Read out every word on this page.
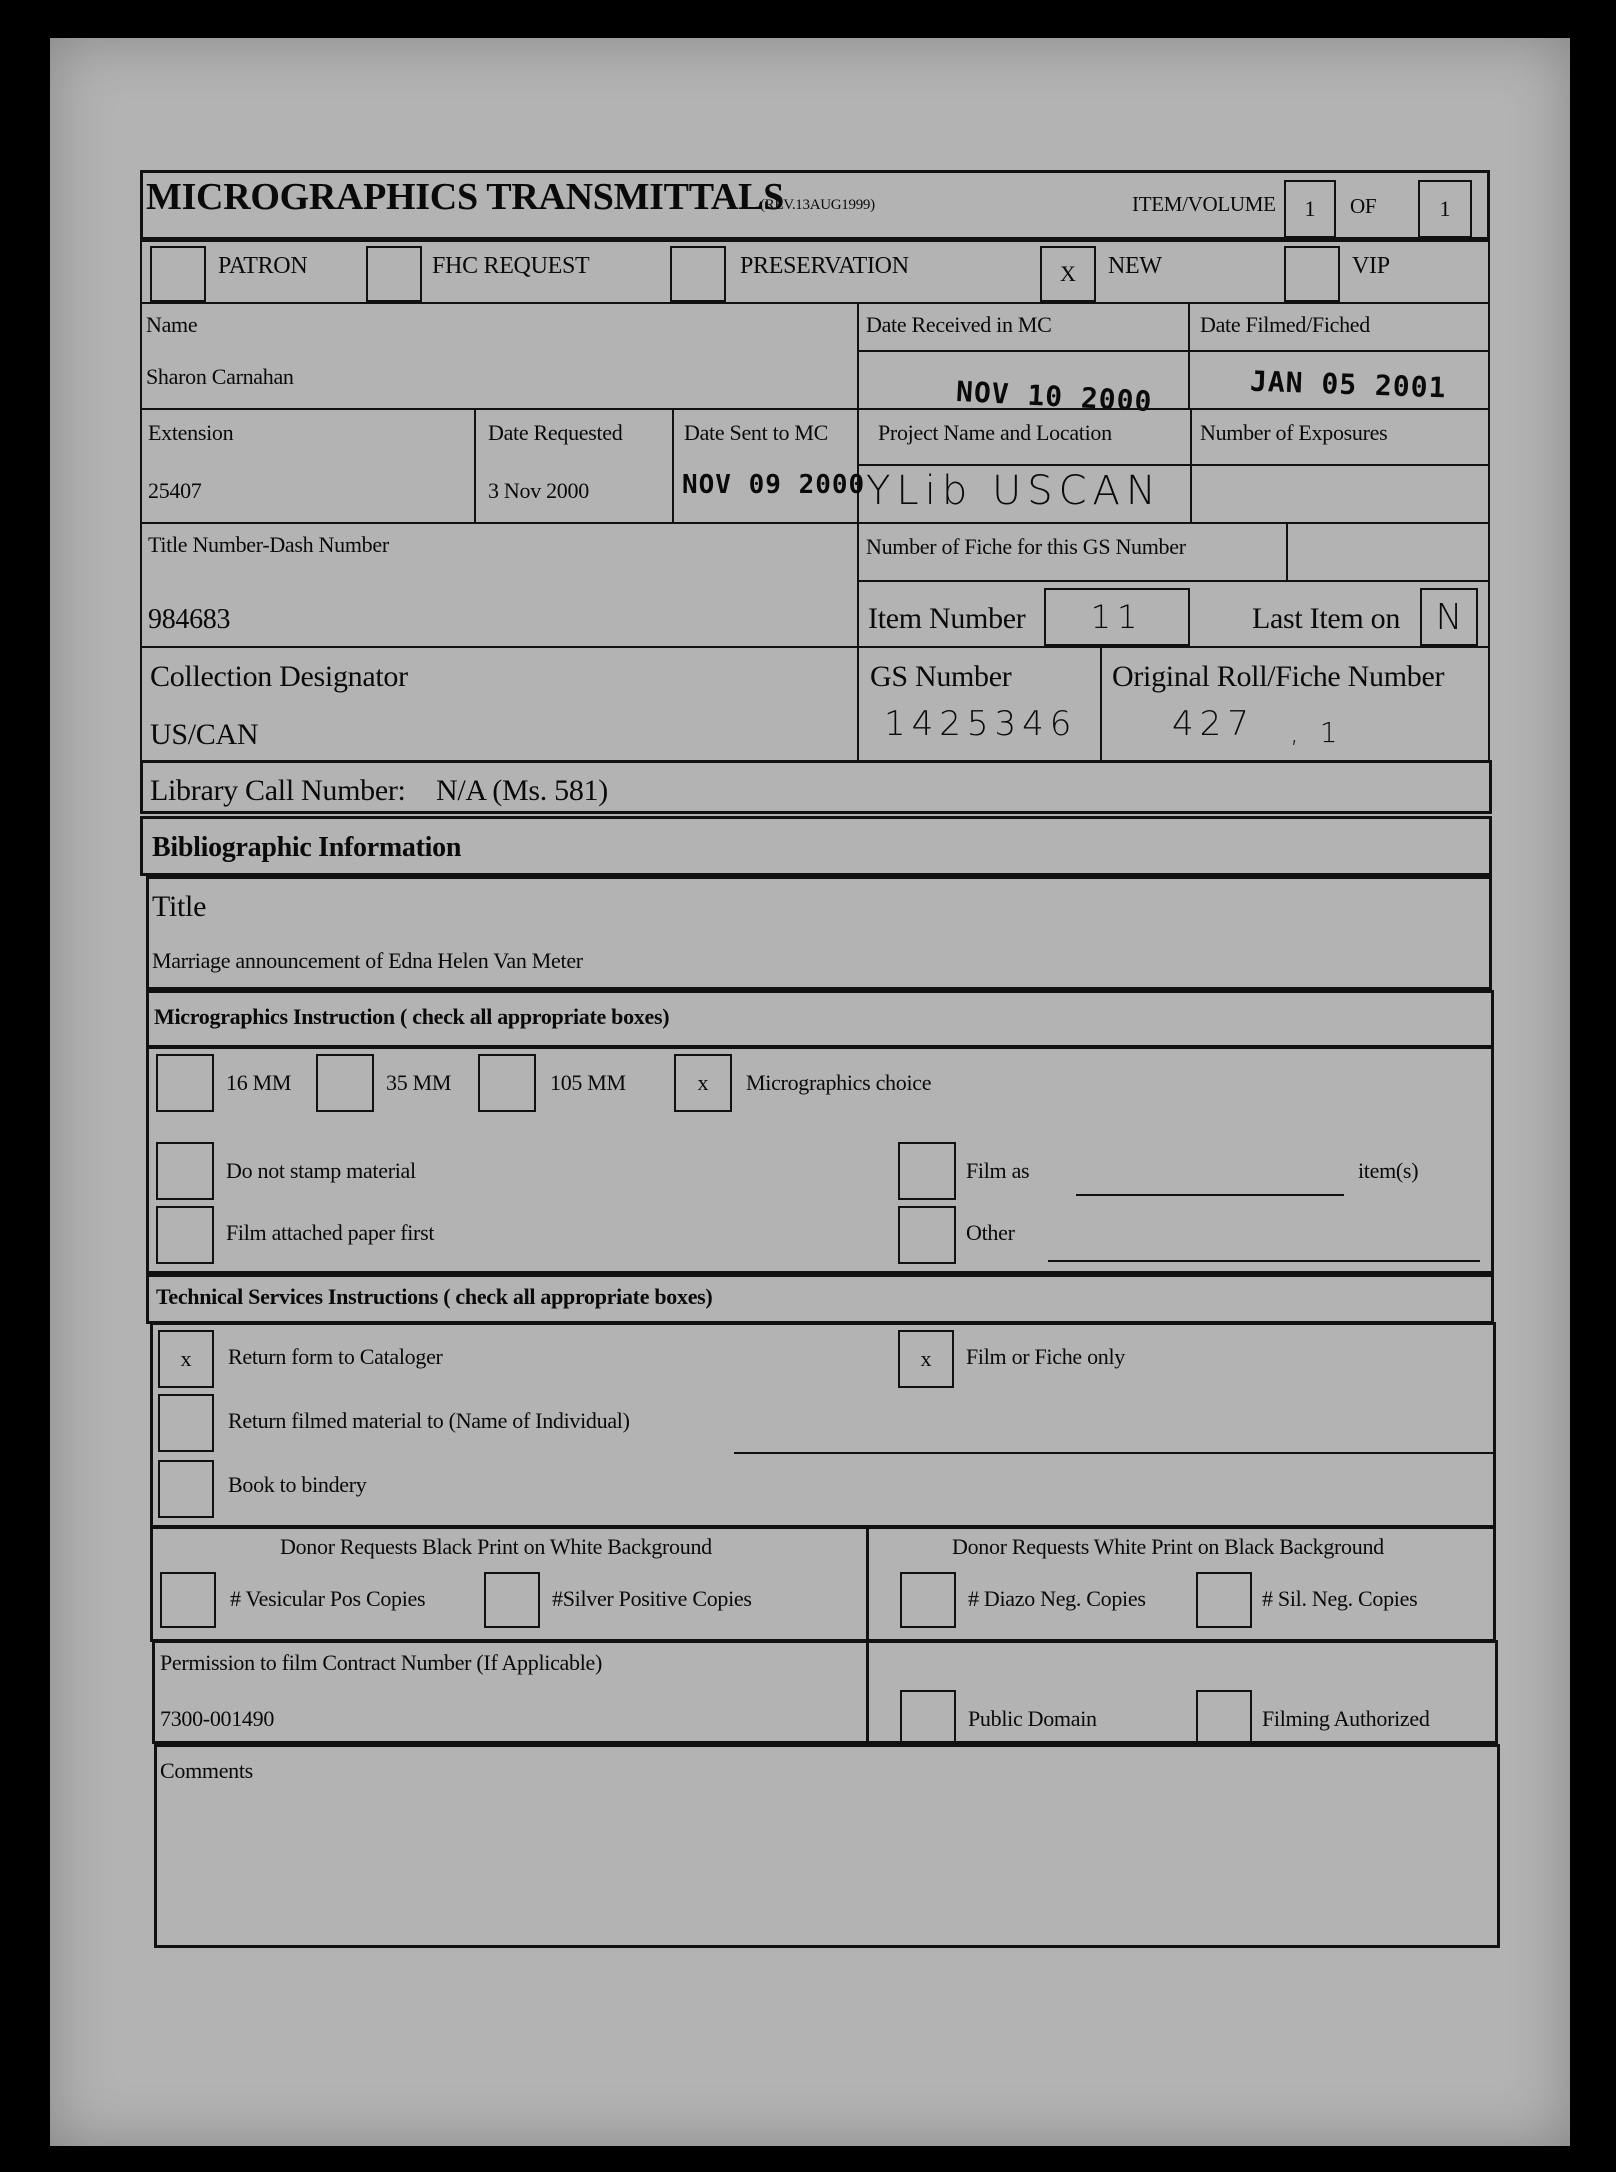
MICROGRAPHICS TRANSMITTALS
(REV.13AUG1999)	ITEM/VOLUME 1 OF	1
PATRON	FHC REQUEST	PRESERVATION	X NEW	VIP
Name
Sharon Carnahan
Date Received in MC
NOV 10 2000
Date Filmed/Fiched
JAN 05 2001
Extension
25407
Date Requested
3 Nov 2000
Date Sent to MC
NOV 09 2000
Project Name and Location
YLib USCAN
Number of Exposures
Title Number-Dash Number
984683
Number of Fiche for this GS Number
Item Number 11	Last Item on N
Collection Designator
US/CAN
GS Number
1425346
Original Roll/Fiche Number
427 , 1
Library Call Number: N/A (Ms. 581)
Bibliographic Information
Title
Marriage announcement of Edna Helen Van Meter
Micrographics Instruction ( check all appropriate boxes)
16 MM	35 MM	105 MM	x Micrographics choice
Do not stamp material
Film attached paper first
Film as	item(s)
Other
Technical Services Instructions ( check all appropriate boxes)
x Return form to Cataloger	x Film or Fiche only
Return filmed material to (Name of Individual)
Book to bindery
Donor Requests Black Print on White Background	Donor Requests White Print on Black Background
# Vesicular Pos Copies	#Silver Positive Copies	# Diazo Neg. Copies	# Sil. Neg. Copies
Permission to film Contract Number (If Applicable)
7300-001490	Public Domain	Filming Authorized
Comments
